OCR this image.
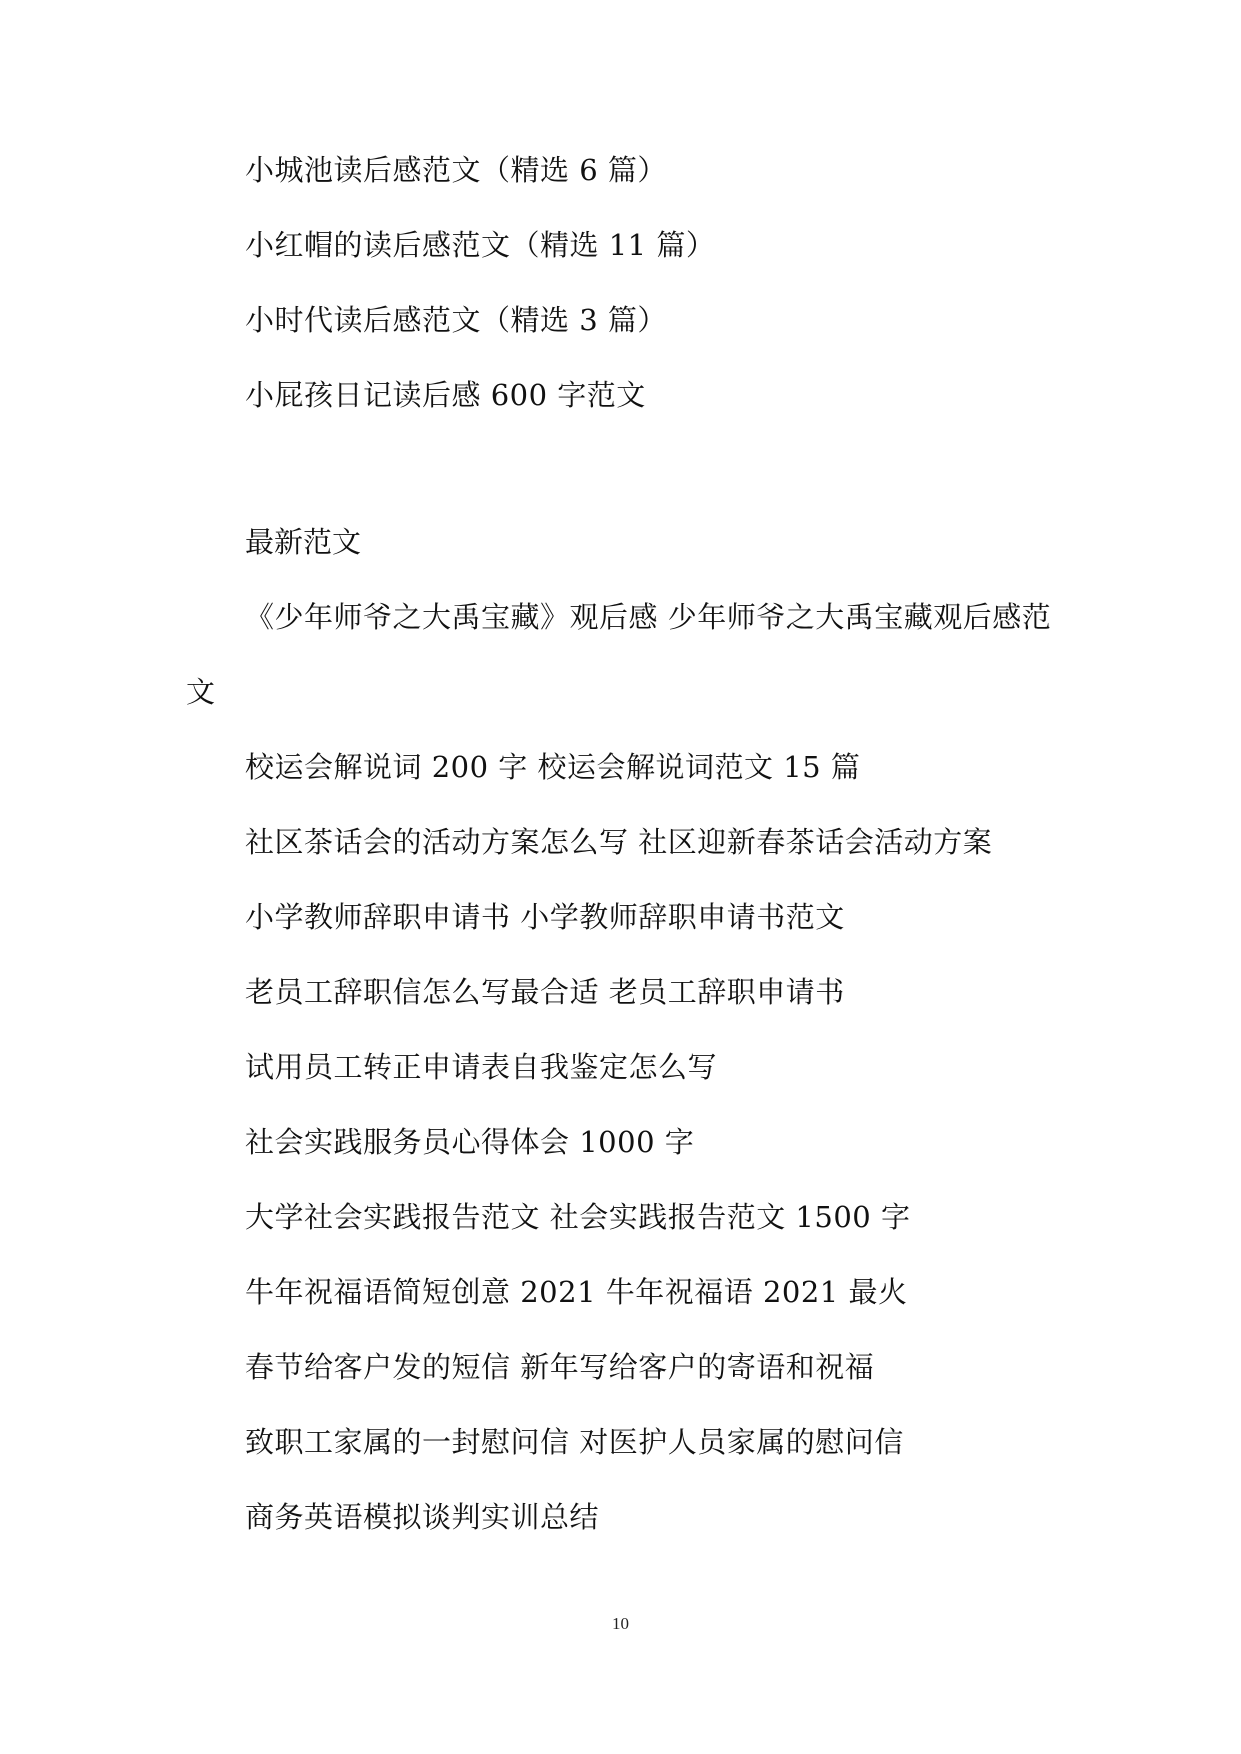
小城池读后感范文（精选 6 篇）
小红帽的读后感范文（精选 11 篇）
小时代读后感范文（精选 3 篇）
小屁孩日记读后感 600 字范文
最新范文
《少年师爷之大禹宝藏》观后感 少年师爷之大禹宝藏观后感范
文
校运会解说词 200 字 校运会解说词范文 15 篇
社区茶话会的活动方案怎么写 社区迎新春茶话会活动方案
小学教师辞职申请书 小学教师辞职申请书范文
老员工辞职信怎么写最合适 老员工辞职申请书
试用员工转正申请表自我鉴定怎么写
社会实践服务员心得体会 1000 字
大学社会实践报告范文 社会实践报告范文 1500 字
牛年祝福语简短创意 2021 牛年祝福语 2021 最火
春节给客户发的短信 新年写给客户的寄语和祝福
致职工家属的一封慰问信 对医护人员家属的慰问信
商务英语模拟谈判实训总结
10
